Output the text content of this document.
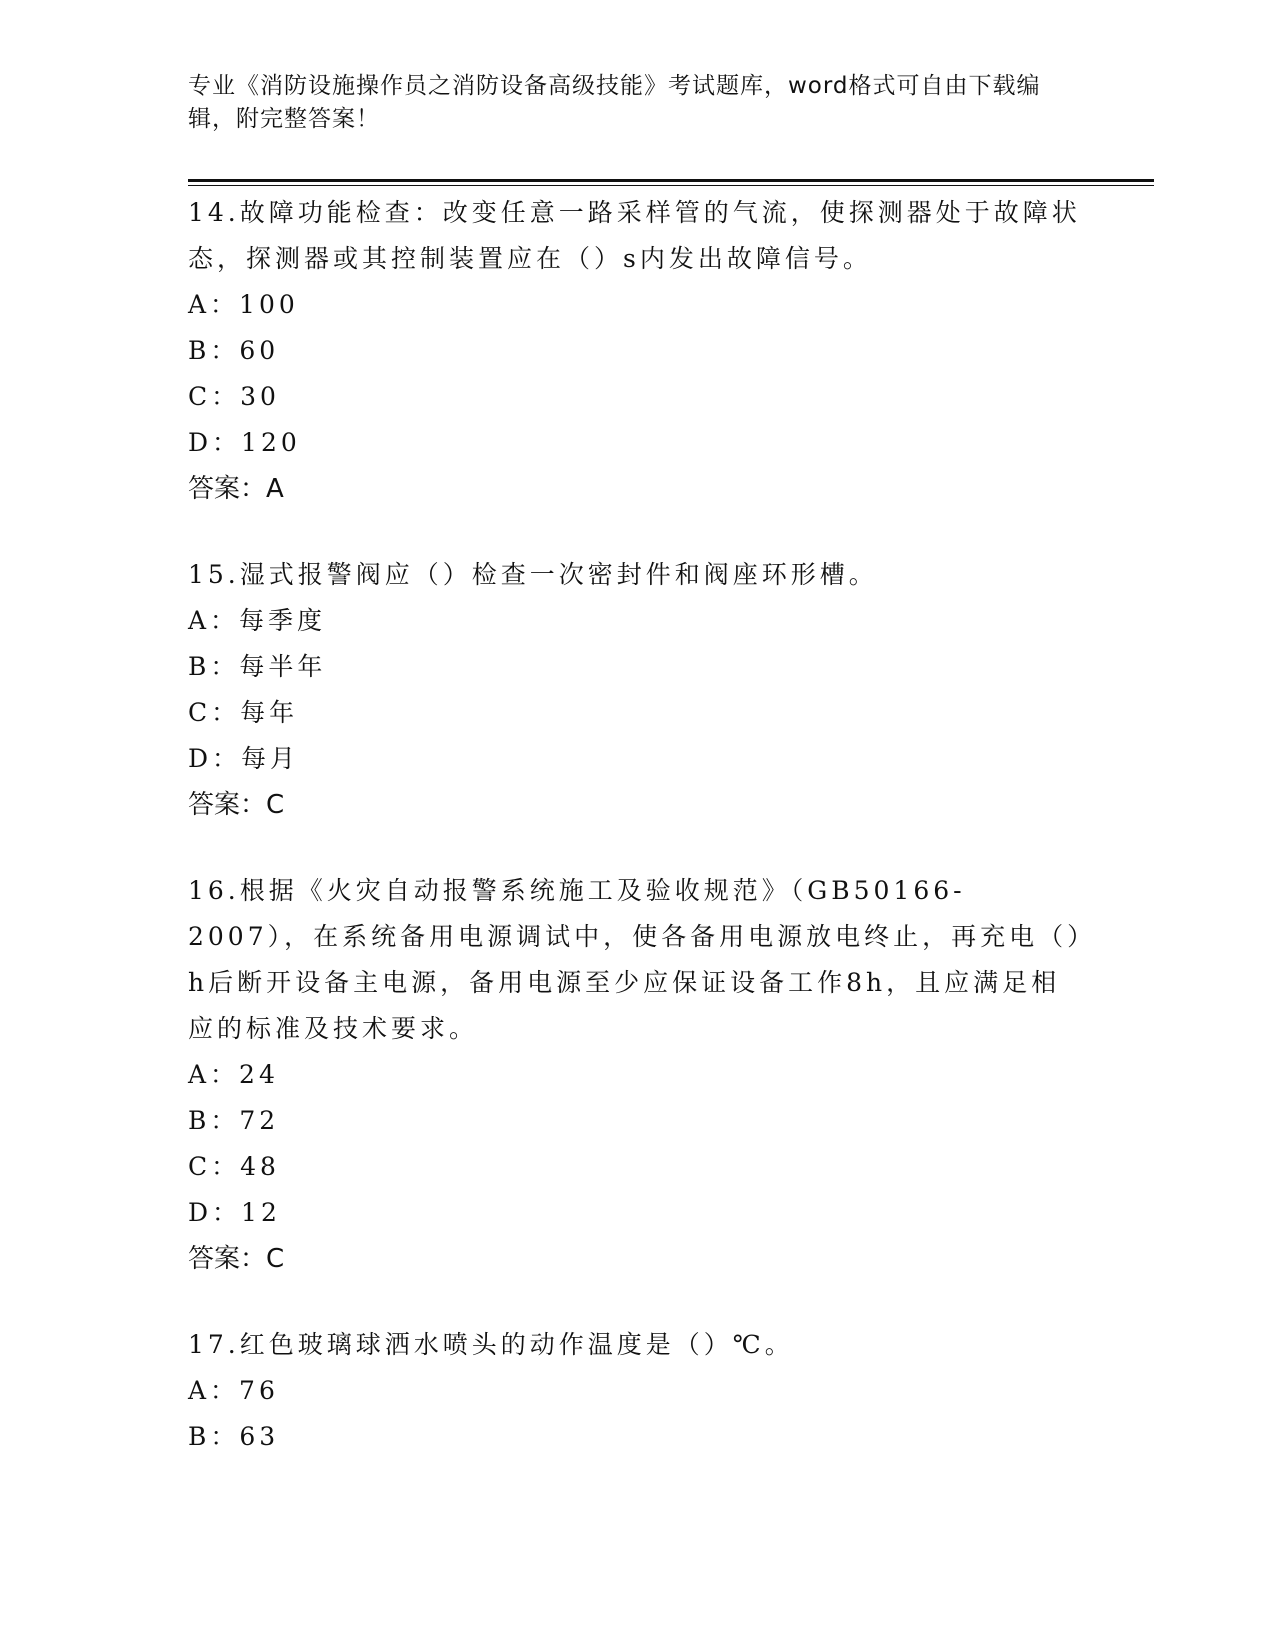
专业《消防设施操作员之消防设备高级技能》考试题库，word格式可自由下载编辑，附完整答案！
14.故障功能检查：改变任意一路采样管的气流，使探测器处于故障状态，探测器或其控制装置应在（）s内发出故障信号。
A：100
B：60
C：30
D：120
答案：A
15.湿式报警阀应（）检查一次密封件和阀座环形槽。
A：每季度
B：每半年
C：每年
D：每月
答案：C
16.根据《火灾自动报警系统施工及验收规范》（GB50166-2007），在系统备用电源调试中，使各备用电源放电终止，再充电（）h后断开设备主电源，备用电源至少应保证设备工作8h，且应满足相应的标准及技术要求。
A：24
B：72
C：48
D：12
答案：C
17.红色玻璃球洒水喷头的动作温度是（）℃。
A：76
B：63
